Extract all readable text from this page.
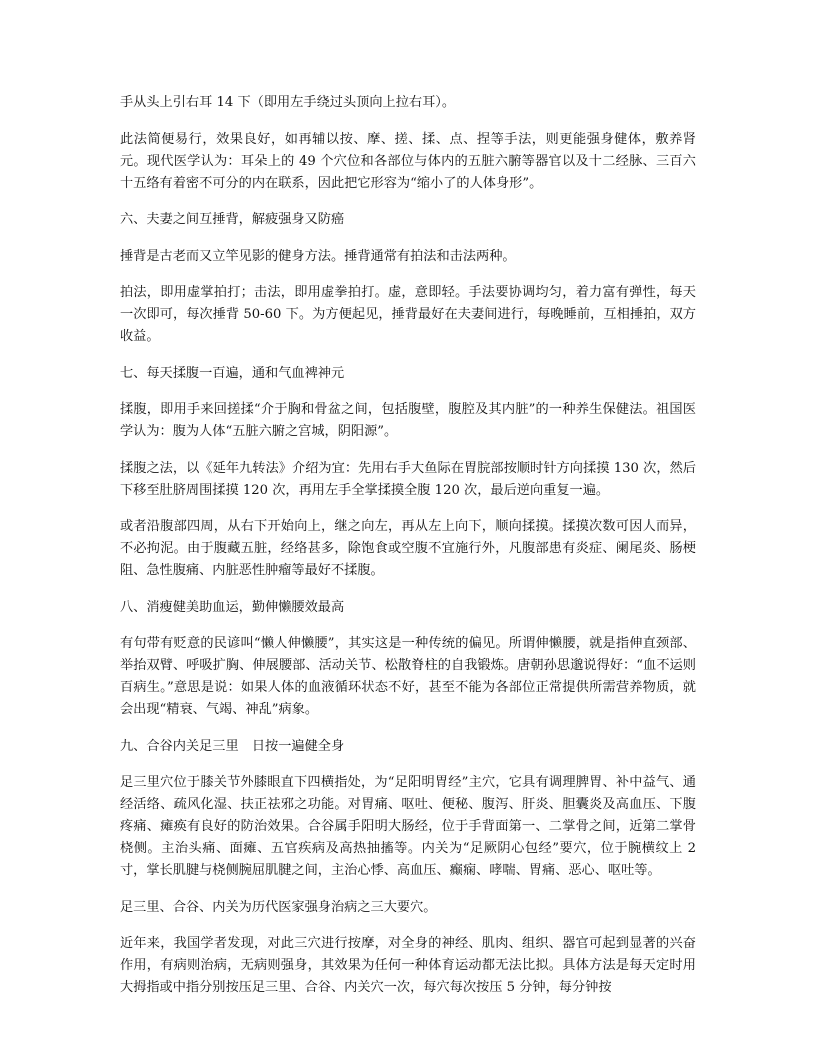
手从头上引右耳 14 下（即用左手绕过头顶向上拉右耳）。

此法简便易行，效果良好，如再辅以按、摩、搓、揉、点、捏等手法，则更能强身健体，敷养肾元。现代医学认为：耳朵上的 49 个穴位和各部位与体内的五脏六腑等器官以及十二经脉、三百六十五络有着密不可分的内在联系，因此把它形容为“缩小了的人体身形”。

六、夫妻之间互捶背，解疲强身又防癌

捶背是古老而又立竿见影的健身方法。捶背通常有拍法和击法两种。

拍法，即用虚掌拍打；击法，即用虚拳拍打。虚，意即轻。手法要协调均匀，着力富有弹性，每天一次即可，每次捶背 50-60 下。为方便起见，捶背最好在夫妻间进行，每晚睡前，互相捶拍，双方收益。

七、每天揉腹一百遍，通和气血裨神元

揉腹，即用手来回搓揉“介于胸和骨盆之间，包括腹壁，腹腔及其内脏”的一种养生保健法。祖国医学认为：腹为人体“五脏六腑之宫城，阴阳源”。

揉腹之法，以《延年九转法》介绍为宜：先用右手大鱼际在胃脘部按顺时针方向揉摸 130 次，然后下移至肚脐周围揉摸 120 次，再用左手全掌揉摸全腹 120 次，最后逆向重复一遍。

或者沿腹部四周，从右下开始向上，继之向左，再从左上向下，顺向揉摸。揉摸次数可因人而异，不必拘泥。由于腹藏五脏，经络甚多，除饱食或空腹不宜施行外，凡腹部患有炎症、阑尾炎、肠梗阻、急性腹痛、内脏恶性肿瘤等最好不揉腹。

八、消瘦健美助血运，勤伸懒腰效最高

有句带有贬意的民谚叫“懒人伸懒腰”，其实这是一种传统的偏见。所谓伸懒腰，就是指伸直颈部、举抬双臂、呼吸扩胸、伸展腰部、活动关节、松散脊柱的自我锻炼。唐朝孙思邈说得好：“血不运则百病生。”意思是说：如果人体的血液循环状态不好，甚至不能为各部位正常提供所需营养物质，就会出现“精衰、气竭、神乱”病象。

九、合谷内关足三里　日按一遍健全身

足三里穴位于膝关节外膝眼直下四横指处，为“足阳明胃经”主穴，它具有调理脾胃、补中益气、通经活络、疏风化湿、扶正祛邪之功能。对胃痛、呕吐、便秘、腹泻、肝炎、胆囊炎及高血压、下腹疼痛、瘫痪有良好的防治效果。合谷属手阳明大肠经，位于手背面第一、二掌骨之间，近第二掌骨桡侧。主治头痛、面瘫、五官疾病及高热抽搐等。内关为“足厥阴心包经”要穴，位于腕横纹上 2 寸，掌长肌腱与桡侧腕屈肌腱之间，主治心悸、高血压、癫痫、哮喘、胃痛、恶心、呕吐等。

足三里、合谷、内关为历代医家强身治病之三大要穴。

近年来，我国学者发现，对此三穴进行按摩，对全身的神经、肌肉、组织、器官可起到显著的兴奋作用，有病则治病，无病则强身，其效果为任何一种体育运动都无法比拟。具体方法是每天定时用大拇指或中指分别按压足三里、合谷、内关穴一次，每穴每次按压 5 分钟，每分钟按
